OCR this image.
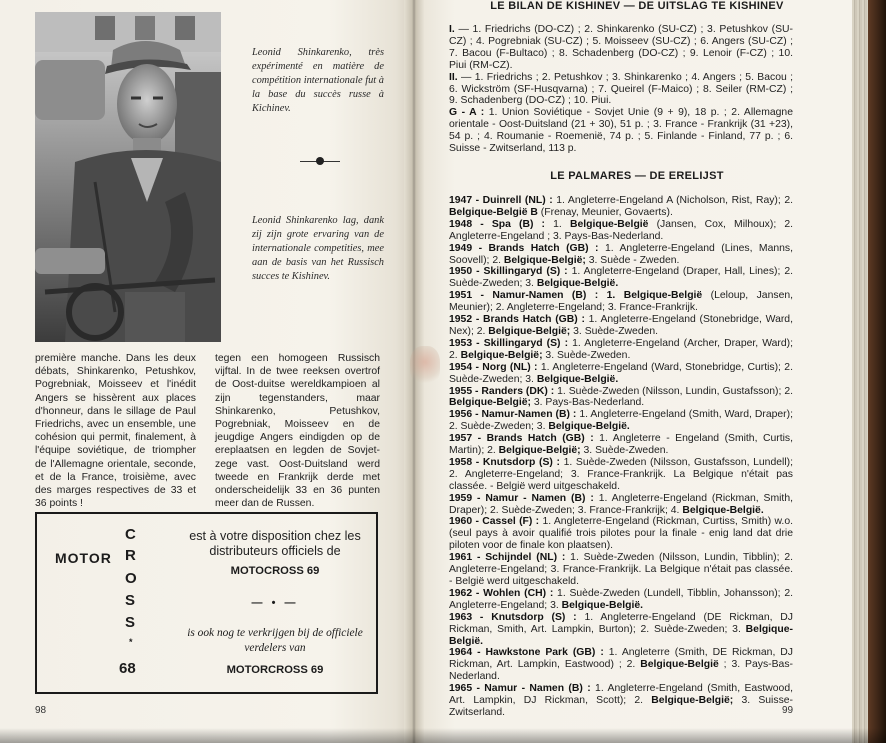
Leonid Shinkarenko, très expérimenté en matière de compétition internationale fut à la base du succès russe à Kichinev.

Leonid Shinkarenko lag, dank zij zijn grote ervaring van de internationale competities, mee aan de basis van het Russisch succes te Kishinev.

première manche. Dans les deux débats, Shinkarenko, Petushkov, Pogrebniak, Moisseev et l'inédit Angers se hissèrent aux places d'honneur, dans le sillage de Paul Friedrichs, avec un ensemble, une cohésion qui permit, finalement, à l'équipe soviétique, de triompher de l'Allemagne orientale, seconde, et de la France, troisième, avec des marges respectives de 33 et 36 points !

tegen een homogeen Russisch vijftal. In de twee reeksen overtrof de Oost-duitse wereldkampioen al zijn tegenstanders, maar Shinkarenko, Petushkov, Pogrebniak, Moisseev en de jeugdige Angers eindigden op de ereplaatsen en legden de Sovjet-zege vast. Oost-Duitsland werd tweede en Frankrijk derde met onderscheidelijk 33 en 36 punten meer dan de Russen.

MOTOR
C
R
O
S
S
*
68

est à votre disposition chez les distributeurs officiels de

MOTOCROSS 69

— • —

is ook nog te verkrijgen bij de officiele verdelers van

MOTORCROSS 69

98
LE BILAN DE KISHINEV — DE UITSLAG TE KISHINEV

I. — 1. Friedrichs (DO-CZ) ; 2. Shinkarenko (SU-CZ) ; 3. Petushkov (SU-CZ) ; 4. Pogrebniak (SU-CZ) ; 5. Moisseev (SU-CZ) ; 6. Angers (SU-CZ) ; 7. Bacou (F-Bultaco) ; 8. Schadenberg (DO-CZ) ; 9. Lenoir (F-CZ) ; 10. Piui (RM-CZ).

II. — 1. Friedrichs ; 2. Petushkov ; 3. Shinkarenko ; 4. Angers ; 5. Bacou ; 6. Wickström (SF-Husqvarna) ; 7. Queirel (F-Maico) ; 8. Seiler (RM-CZ) ; 9. Schadenberg (DO-CZ) ; 10. Piui.

G - A : 1. Union Soviétique - Sovjet Unie (9 + 9), 18 p. ; 2. Allemagne orientale - Oost-Duitsland (21 + 30), 51 p. ; 3. France - Frankrijk (31 +23), 54 p. ; 4. Roumanie - Roemenië, 74 p. ; 5. Finlande - Finland, 77 p. ; 6. Suisse - Zwitserland, 113 p.

LE PALMARES — DE ERELIJST

1947 - Duinrell (NL) : 1. Angleterre-Engeland A (Nicholson, Rist, Ray); 2. Belgique-België B (Frenay, Meunier, Govaerts).

1948 - Spa (B) : 1. Belgique-België (Jansen, Cox, Milhoux); 2. Angleterre-Engeland ; 3. Pays-Bas-Nederland.

1949 - Brands Hatch (GB) : 1. Angleterre-Engeland (Lines, Manns, Soovell); 2. Belgique-België; 3. Suède - Zweden.

1950 - Skillingaryd (S) : 1. Angleterre-Engeland (Draper, Hall, Lines); 2. Suède-Zweden; 3. Belgique-België.

1951 - Namur-Namen (B) : 1. Belgique-België (Leloup, Jansen, Meunier); 2. Angleterre-Engeland; 3. France-Frankrijk.

1952 - Brands Hatch (GB) : 1. Angleterre-Engeland (Stonebridge, Ward, Nex); 2. Belgique-België; 3. Suède-Zweden.

1953 - Skillingaryd (S) : 1. Angleterre-Engeland (Archer, Draper, Ward); 2. Belgique-België; 3. Suède-Zweden.

1954 - Norg (NL) : 1. Angleterre-Engeland (Ward, Stonebridge, Curtis); 2. Suède-Zweden; 3. Belgique-België.

1955 - Randers (DK) : 1. Suède-Zweden (Nilsson, Lundin, Gustafsson); 2. Belgique-België; 3. Pays-Bas-Nederland.

1956 - Namur-Namen (B) : 1. Angleterre-Engeland (Smith, Ward, Draper); 2. Suède-Zweden; 3. Belgique-België.

1957 - Brands Hatch (GB) : 1. Angleterre - Engeland (Smith, Curtis, Martin); 2. Belgique-België; 3. Suède-Zweden.

1958 - Knutsdorp (S) : 1. Suède-Zweden (Nilsson, Gustafsson, Lundell); 2. Angleterre-Engeland; 3. France-Frankrijk. La Belgique n'était pas classée. - België werd uitgeschakeld.

1959 - Namur - Namen (B) : 1. Angleterre-Engeland (Rickman, Smith, Draper); 2. Suède-Zweden; 3. France-Frankrijk; 4. Belgique-België.

1960 - Cassel (F) : 1. Angleterre-Engeland (Rickman, Curtiss, Smith) w.o. (seul pays à avoir qualifié trois pilotes pour la finale - enig land dat drie piloten voor de finale kon plaatsen).

1961 - Schijndel (NL) : 1. Suède-Zweden (Nilsson, Lundin, Tibblin); 2. Angleterre-Engeland; 3. France-Frankrijk. La Belgique n'était pas classée. - België werd uitgeschakeld.

1962 - Wohlen (CH) : 1. Suède-Zweden (Lundell, Tibblin, Johansson); 2. Angleterre-Engeland; 3. Belgique-België.

1963 - Knutsdorp (S) : 1. Angleterre-Engeland (DE Rickman, DJ Rickman, Smith, Art. Lampkin, Burton); 2. Suède-Zweden; 3. Belgique-België.

1964 - Hawkstone Park (GB) : 1. Angleterre (Smith, DE Rickman, DJ Rickman, Art. Lampkin, Eastwood) ; 2. Belgique-België ; 3. Pays-Bas-Nederland.

1965 - Namur - Namen (B) : 1. Angleterre-Engeland (Smith, Eastwood, Art. Lampkin, DJ Rickman, Scott); 2. Belgique-België; 3. Suisse-Zwitserland.	99
